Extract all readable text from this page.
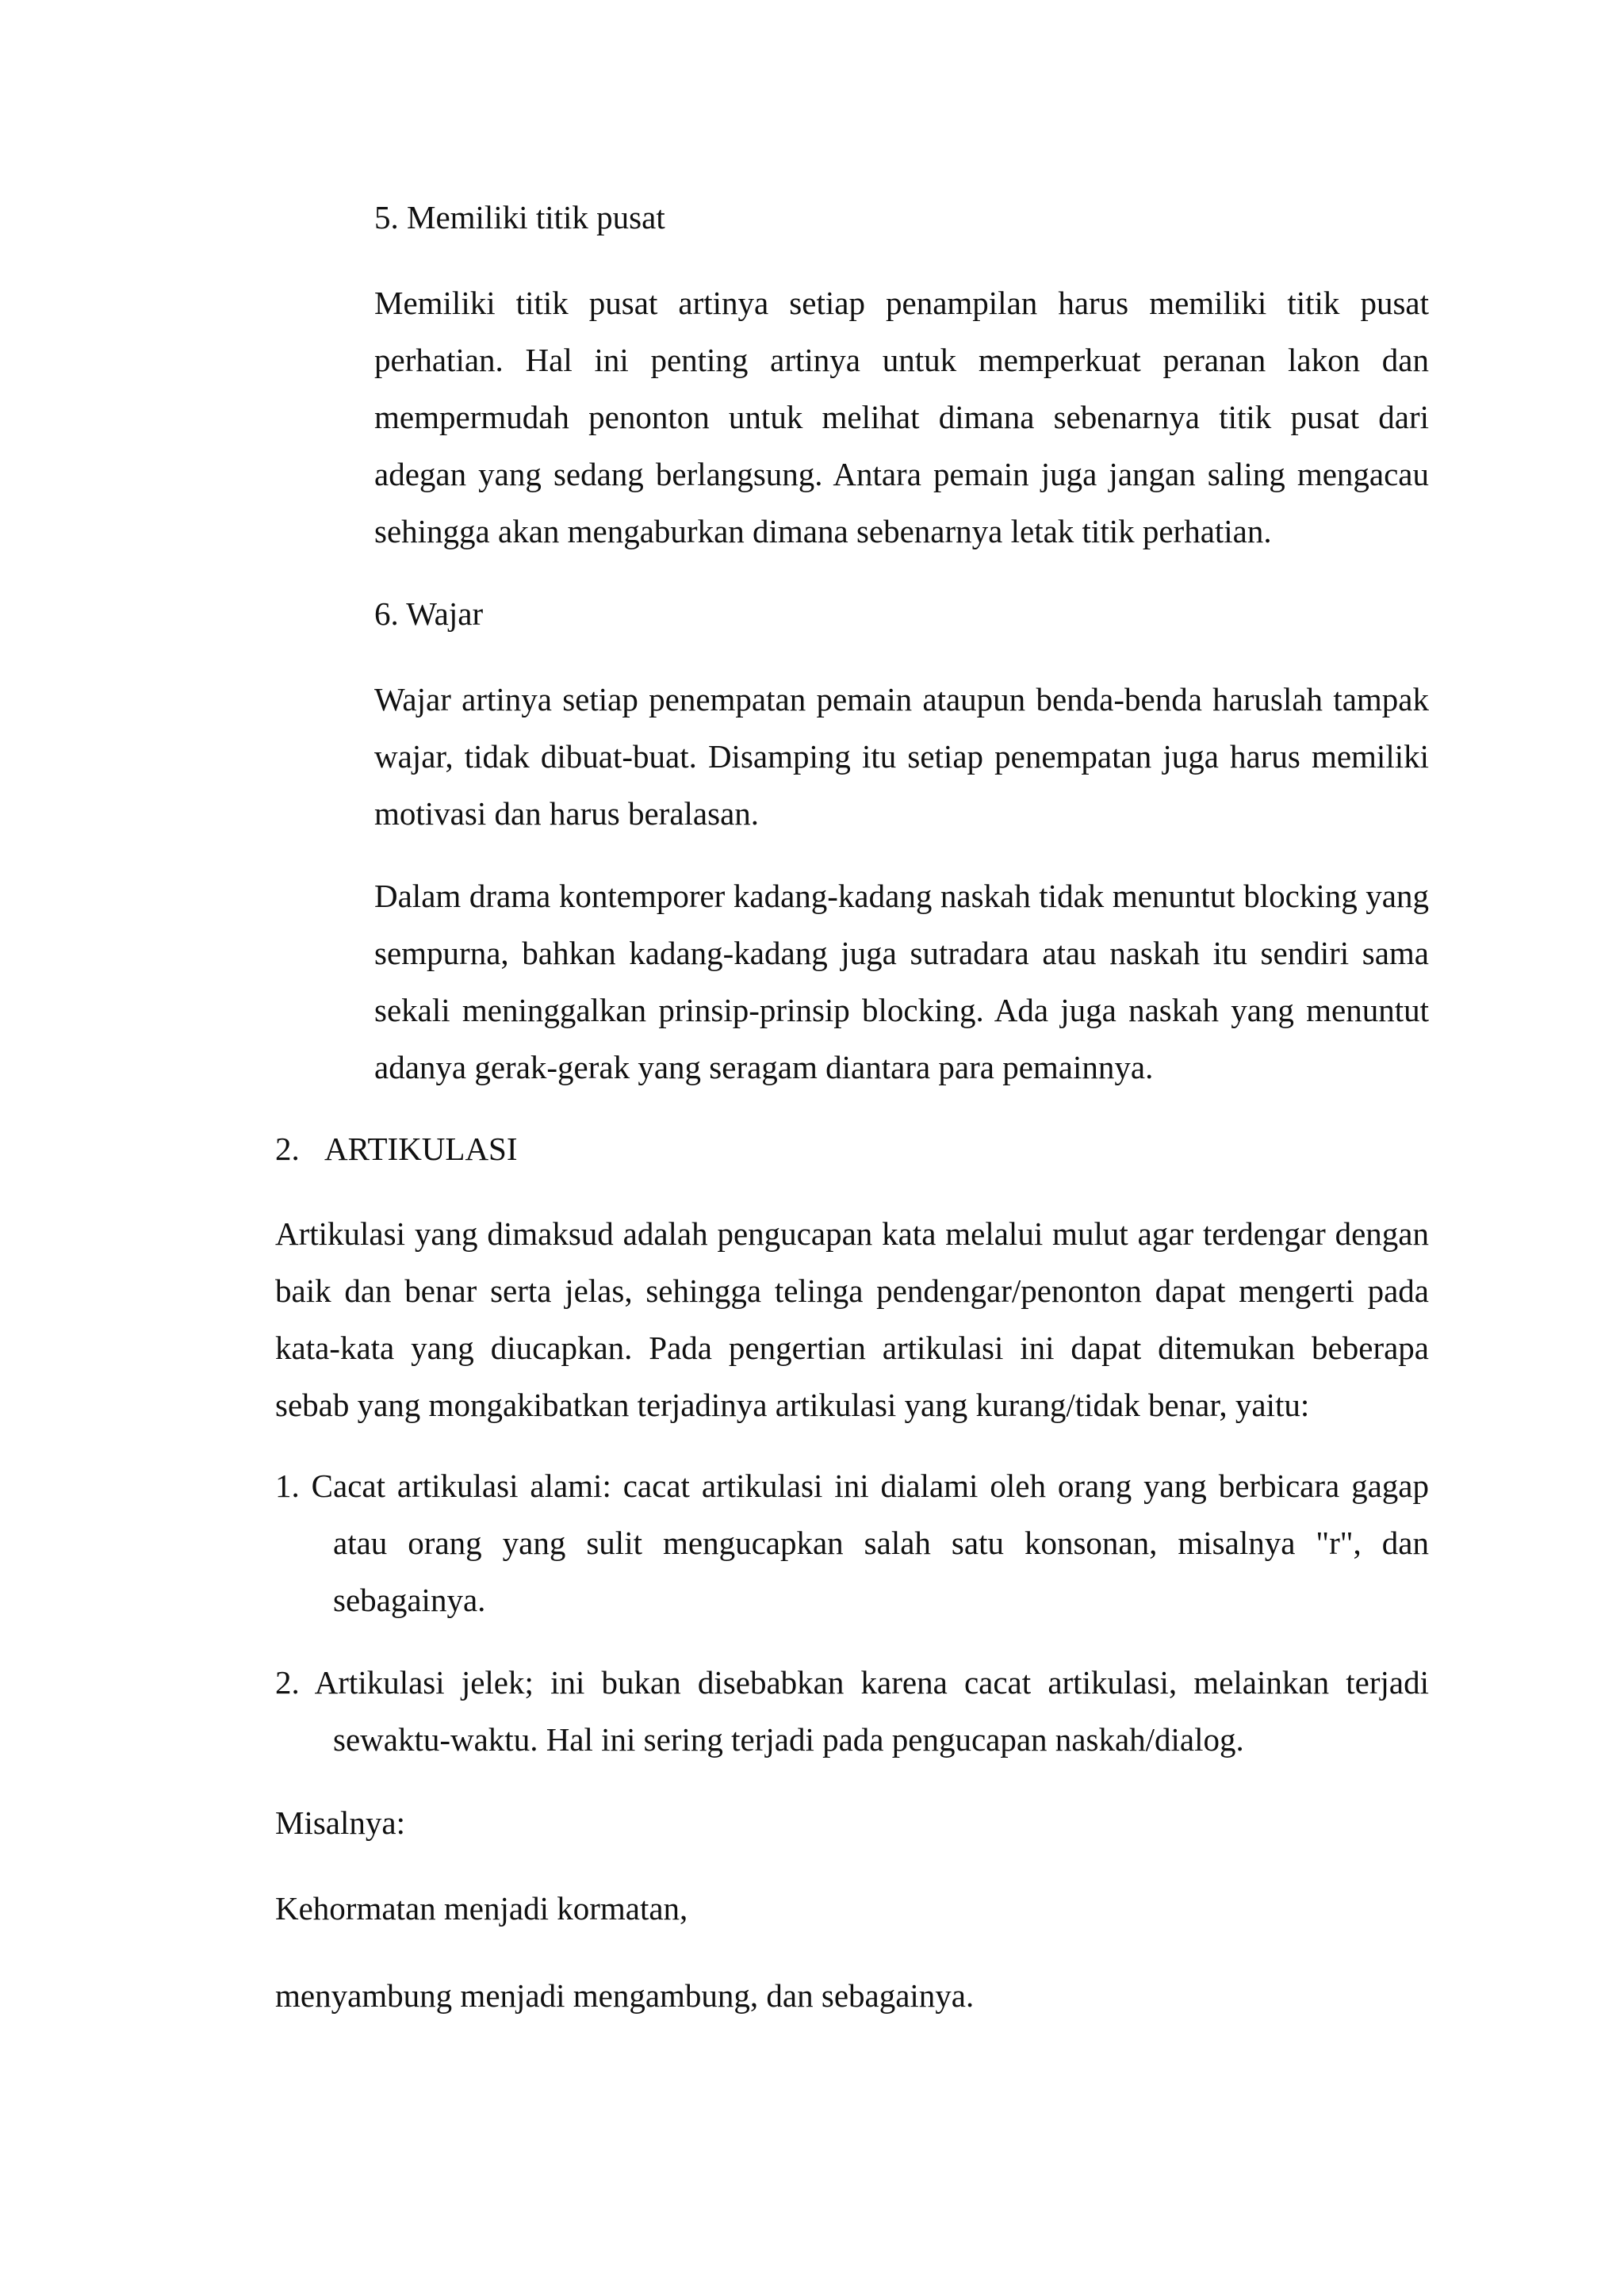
5. Memiliki titik pusat

Memiliki titik pusat artinya setiap penampilan harus memiliki titik pusat perhatian. Hal ini penting artinya untuk memperkuat peranan lakon dan mempermudah penonton untuk melihat dimana sebenarnya titik pusat dari adegan yang sedang berlangsung. Antara pemain juga jangan saling mengacau sehingga akan mengaburkan dimana sebenarnya letak titik perhatian.

6. Wajar

Wajar artinya setiap penempatan pemain ataupun benda-benda haruslah tampak wajar, tidak dibuat-buat. Disamping itu setiap penempatan juga harus memiliki motivasi dan harus beralasan.

Dalam drama kontemporer kadang-kadang naskah tidak menuntut blocking yang sempurna, bahkan kadang-kadang juga sutradara atau naskah itu sendiri sama sekali meninggalkan prinsip-prinsip blocking. Ada juga naskah yang menuntut adanya gerak-gerak yang seragam diantara para pemainnya.

2. ARTIKULASI

Artikulasi yang dimaksud adalah pengucapan kata melalui mulut agar terdengar dengan baik dan benar serta jelas, sehingga telinga pendengar/penonton dapat mengerti pada kata-kata yang diucapkan. Pada pengertian artikulasi ini dapat ditemukan beberapa sebab yang mongakibatkan terjadinya artikulasi yang kurang/tidak benar, yaitu:

1. Cacat artikulasi alami: cacat artikulasi ini dialami oleh orang yang berbicara gagap atau orang yang sulit mengucapkan salah satu konsonan, misalnya "r", dan sebagainya.

2. Artikulasi jelek; ini bukan disebabkan karena cacat artikulasi, melainkan terjadi sewaktu-waktu. Hal ini sering terjadi pada pengucapan naskah/dialog.

Misalnya:

Kehormatan menjadi kormatan,

menyambung menjadi mengambung, dan sebagainya.
